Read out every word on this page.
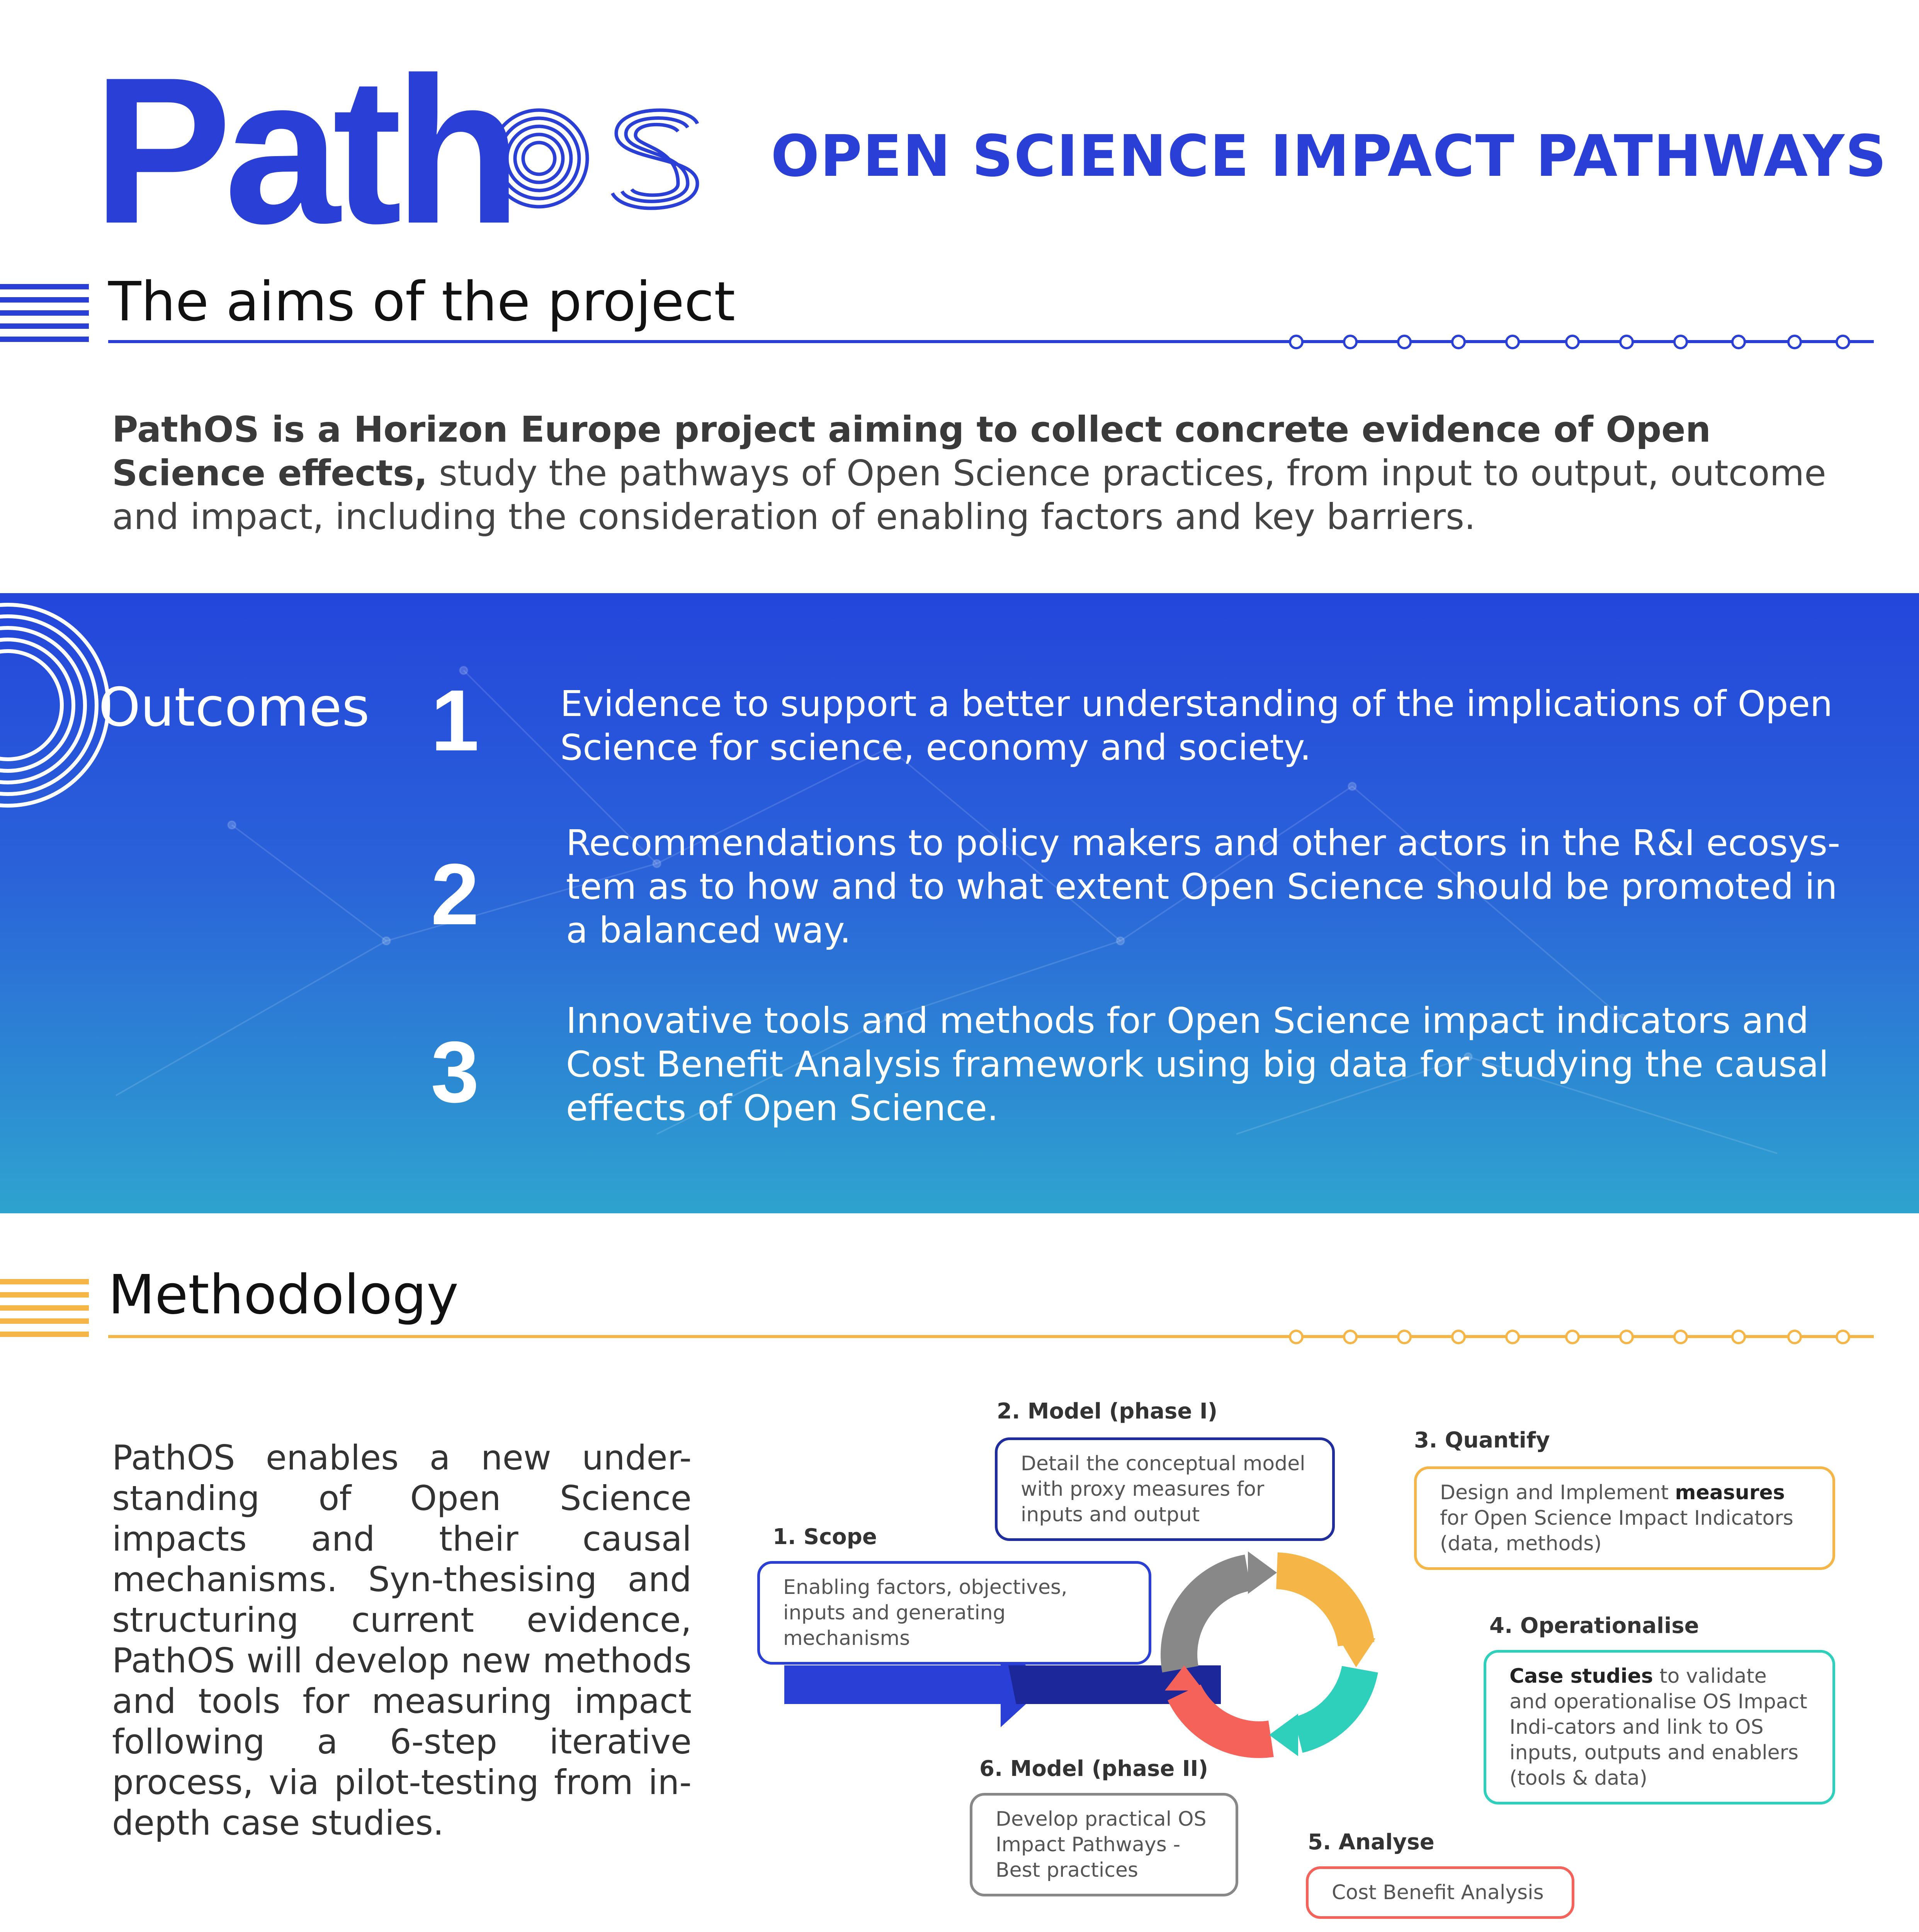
Path	OPEN SCIENCE IMPACT PATHWAYS
The aims of the project
PathOS is a Horizon Europe project aiming to collect concrete evidence of Open Science effects, study the pathways of Open Science practices, from input to output, outcome and impact, including the consideration of enabling factors and key barriers.
Outcomes 1 Evidence to support a better understanding of the implications of Open Science for science, economy and society.
2
Recommendations to policy makers and other actors in the R&I ecosys-tem as to how and to what extent Open Science should be promoted in a balanced way.
3
Innovative tools and methods for Open Science impact indicators and Cost Benefit Analysis framework using big data for studying the causal effects of Open Science.
Methodology
PathOS enables a new under-standing of Open Science impacts and their causal mechanisms. Syn-thesising and structuring current evidence, PathOS will develop new methods and tools for measuring impact following a 6-step iterative process, via pilot-testing from in-depth case studies.
2. Model (phase I)
Detail the conceptual model with proxy measures for inputs and output
1. Scope
Enabling factors, objectives, inputs and generating mechanisms
3. Quantify
Design and Implement measures for Open Science Impact Indicators (data, methods)
4. Operationalise
Case studies to validate and operationalise OS Impact Indi-cators and link to OS inputs, outputs and enablers (tools & data)
6. Model (phase II)
Develop practical OS Impact Pathways -Best practices
5. Analyse
Cost Benefit Analysis
